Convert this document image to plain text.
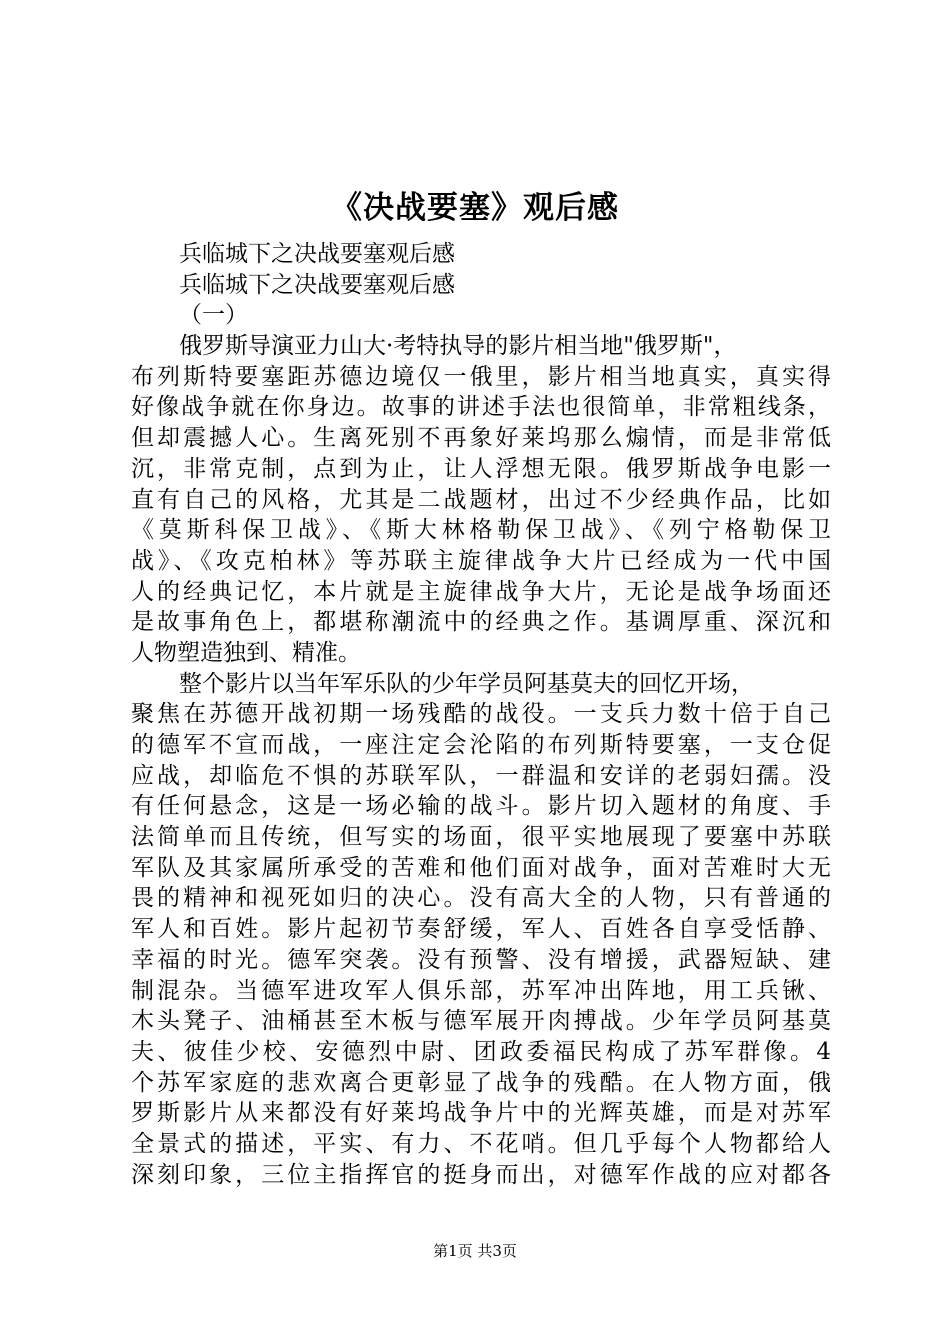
《决战要塞》观后感
兵临城下之决战要塞观后感
兵临城下之决战要塞观后感
（一）
俄罗斯导演亚力山大·考特执导的影片相当地"俄罗斯"，
布列斯特要塞距苏德边境仅一俄里，影片相当地真实，真实得
好像战争就在你身边。故事的讲述手法也很简单，非常粗线条，
但却震撼人心。生离死别不再象好莱坞那么煽情，而是非常低
沉，非常克制，点到为止，让人浮想无限。俄罗斯战争电影一
直有自己的风格，尤其是二战题材，出过不少经典作品，比如
《莫斯科保卫战》、《斯大林格勒保卫战》、《列宁格勒保卫
战》、《攻克柏林》等苏联主旋律战争大片已经成为一代中国
人的经典记忆，本片就是主旋律战争大片，无论是战争场面还
是故事角色上，都堪称潮流中的经典之作。基调厚重、深沉和
人物塑造独到、精准。
整个影片以当年军乐队的少年学员阿基莫夫的回忆开场，
聚焦在苏德开战初期一场残酷的战役。一支兵力数十倍于自己
的德军不宣而战，一座注定会沦陷的布列斯特要塞，一支仓促
应战，却临危不惧的苏联军队，一群温和安详的老弱妇孺。没
有任何悬念，这是一场必输的战斗。影片切入题材的角度、手
法简单而且传统，但写实的场面，很平实地展现了要塞中苏联
军队及其家属所承受的苦难和他们面对战争，面对苦难时大无
畏的精神和视死如归的决心。没有高大全的人物，只有普通的
军人和百姓。影片起初节奏舒缓，军人、百姓各自享受恬静、
幸福的时光。德军突袭。没有预警、没有增援，武器短缺、建
制混杂。当德军进攻军人俱乐部，苏军冲出阵地，用工兵锹、
木头凳子、油桶甚至木板与德军展开肉搏战。少年学员阿基莫
夫、彼佳少校、安德烈中尉、团政委福民构成了苏军群像。4
个苏军家庭的悲欢离合更彰显了战争的残酷。在人物方面，俄
罗斯影片从来都没有好莱坞战争片中的光辉英雄，而是对苏军
全景式的描述，平实、有力、不花哨。但几乎每个人物都给人
深刻印象，三位主指挥官的挺身而出，对德军作战的应对都各
第1页 共3页
